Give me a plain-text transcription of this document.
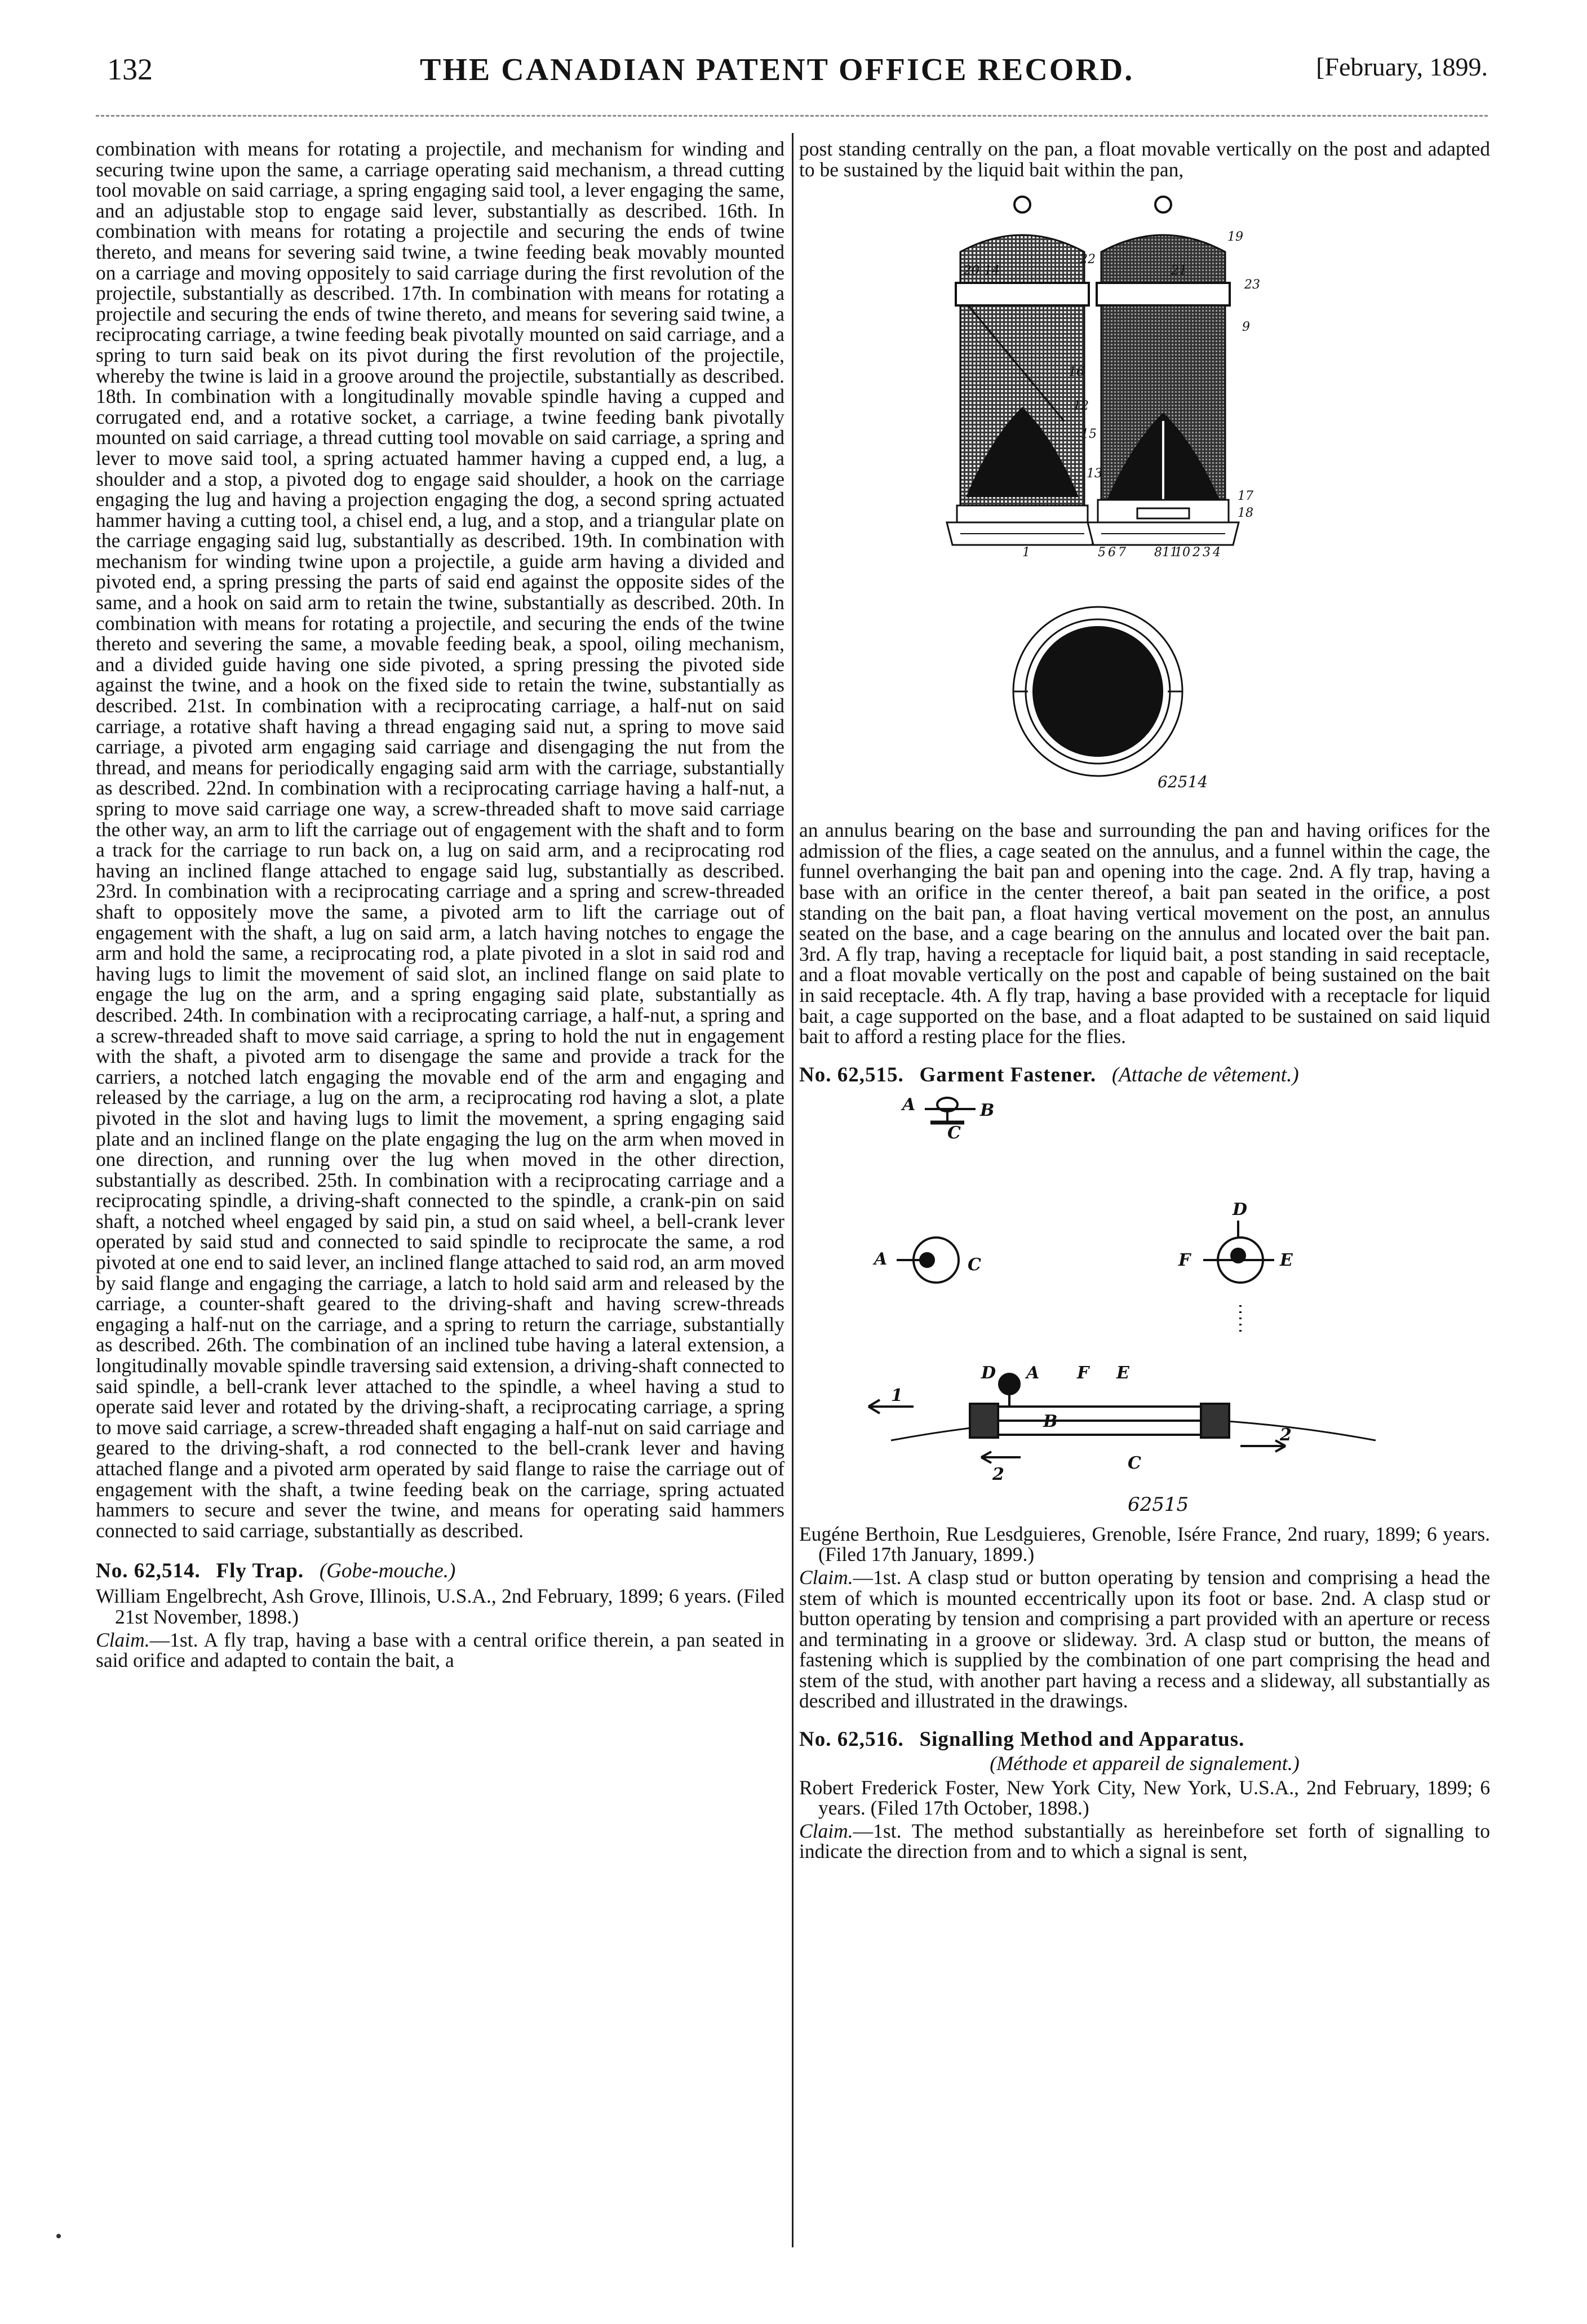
132	THE CANADIAN PATENT OFFICE RECORD.	[February, 1899.

combination with means for rotating a projectile, and mechanism for winding and securing twine upon the same, a carriage operating said mechanism, a thread cutting tool movable on said carriage, a spring engaging said tool, a lever engaging the same, and an adjustable stop to engage said lever, substantially as described. 16th. In combination with means for rotating a projectile and securing the ends of twine thereto, and means for severing said twine, a twine feeding beak movably mounted on a carriage and moving oppositely to said carriage during the first revolution of the projectile, substantially as described. 17th. In combination with means for rotating a projectile and securing the ends of twine thereto, and means for severing said twine, a reciprocating carriage, a twine feeding beak pivotally mounted on said carriage, and a spring to turn said beak on its pivot during the first revolution of the projectile, whereby the twine is laid in a groove around the projectile, substantially as described. 18th. In combination with a longitudinally movable spindle having a cupped and corrugated end, and a rotative socket, a carriage, a twine feeding bank pivotally mounted on said carriage, a thread cutting tool movable on said carriage, a spring and lever to move said tool, a spring actuated hammer having a cupped end, a lug, a shoulder and a stop, a pivoted dog to engage said shoulder, a hook on the carriage engaging the lug and having a projection engaging the dog, a second spring actuated hammer having a cutting tool, a chisel end, a lug, and a stop, and a triangular plate on the carriage engaging said lug, substantially as described. 19th. In combination with mechanism for winding twine upon a projectile, a guide arm having a divided and pivoted end, a spring pressing the parts of said end against the opposite sides of the same, and a hook on said arm to retain the twine, substantially as described. 20th. In combination with means for rotating a projectile, and securing the ends of the twine thereto and severing the same, a movable feeding beak, a spool, oiling mechanism, and a divided guide having one side pivoted, a spring pressing the pivoted side against the twine, and a hook on the fixed side to retain the twine, substantially as described. 21st. In combination with a reciprocating carriage, a half-nut on said carriage, a rotative shaft having a thread engaging said nut, a spring to move said carriage, a pivoted arm engaging said carriage and disengaging the nut from the thread, and means for periodically engaging said arm with the carriage, substantially as described. 22nd. In combination with a reciprocating carriage having a half-nut, a spring to move said carriage one way, a screw-threaded shaft to move said carriage the other way, an arm to lift the carriage out of engagement with the shaft and to form a track for the carriage to run back on, a lug on said arm, and a reciprocating rod having an inclined flange attached to engage said lug, substantially as described. 23rd. In combination with a reciprocating carriage and a spring and screw-threaded shaft to oppositely move the same, a pivoted arm to lift the carriage out of engagement with the shaft, a lug on said arm, a latch having notches to engage the arm and hold the same, a reciprocating rod, a plate pivoted in a slot in said rod and having lugs to limit the movement of said slot, an inclined flange on said plate to engage the lug on the arm, and a spring engaging said plate, substantially as described. 24th. In combination with a reciprocating carriage, a half-nut, a spring and a screw-threaded shaft to move said carriage, a spring to hold the nut in engagement with the shaft, a pivoted arm to disengage the same and provide a track for the carriers, a notched latch engaging the movable end of the arm and engaging and released by the carriage, a lug on the arm, a reciprocating rod having a slot, a plate pivoted in the slot and having lugs to limit the movement, a spring engaging said plate and an inclined flange on the plate engaging the lug on the arm when moved in one direction, and running over the lug when moved in the other direction, substantially as described. 25th. In combination with a reciprocating carriage and a reciprocating spindle, a driving-shaft connected to the spindle, a crank-pin on said shaft, a notched wheel engaged by said pin, a stud on said wheel, a bell-crank lever operated by said stud and connected to said spindle to reciprocate the same, a rod pivoted at one end to said lever, an inclined flange attached to said rod, an arm moved by said flange and engaging the carriage, a latch to hold said arm and released by the carriage, a counter-shaft geared to the driving-shaft and having screw-threads engaging a half-nut on the carriage, and a spring to return the carriage, substantially as described. 26th. The combination of an inclined tube having a lateral extension, a longitudinally movable spindle traversing said extension, a driving-shaft connected to said spindle, a bell-crank lever attached to the spindle, a wheel having a stud to operate said lever and rotated by the driving-shaft, a reciprocating carriage, a spring to move said carriage, a screw-threaded shaft engaging a half-nut on said carriage and geared to the driving-shaft, a rod connected to the bell-crank lever and having attached flange and a pivoted arm operated by said flange to raise the carriage out of engagement with the shaft, a twine feeding beak on the carriage, spring actuated hammers to secure and sever the twine, and means for operating said hammers connected to said carriage, substantially as described.

No. 62,514. Fly Trap. (Gobe-mouche.)

William Engelbrecht, Ash Grove, Illinois, U.S.A., 2nd February, 1899; 6 years. (Filed 21st November, 1898.)

Claim.—1st. A fly trap, having a base with a central orifice therein, a pan seated in said orifice and adapted to contain the bait, a

post standing centrally on the pan, a float movable vertically on the post and adapted to be sustained by the liquid bait within the pan,

19
14
22
21
23
16
12
15
13
17
18
9
8
7
6
5	4
3
2
10
11
20
1
62514

an annulus bearing on the base and surrounding the pan and having orifices for the admission of the flies, a cage seated on the annulus, and a funnel within the cage, the funnel overhanging the bait pan and opening into the cage. 2nd. A fly trap, having a base with an orifice in the center thereof, a bait pan seated in the orifice, a post standing on the bait pan, a float having vertical movement on the post, an annulus seated on the base, and a cage bearing on the annulus and located over the bait pan. 3rd. A fly trap, having a receptacle for liquid bait, a post standing in said receptacle, and a float movable vertically on the post and capable of being sustained on the bait in said receptacle. 4th. A fly trap, having a base provided with a receptacle for liquid bait, a cage supported on the base, and a float adapted to be sustained on said liquid bait to afford a resting place for the flies.

No. 62,515. Garment Fastener. (Attache de vêtement.)
A	B
C
A	C
D
F	E
D A F E
B
C
1
2
2
62515

Eugéne Berthoin, Rue Lesdguieres, Grenoble, Isére France, 2nd ruary, 1899; 6 years. (Filed 17th January, 1899.)

Claim.—1st. A clasp stud or button operating by tension and comprising a head the stem of which is mounted eccentrically upon its foot or base. 2nd. A clasp stud or button operating by tension and comprising a part provided with an aperture or recess and terminating in a groove or slideway. 3rd. A clasp stud or button, the means of fastening which is supplied by the combination of one part comprising the head and stem of the stud, with another part having a recess and a slideway, all substantially as described and illustrated in the drawings.

No. 62,516. Signalling Method and Apparatus.
(Méthode et appareil de signalement.)

Robert Frederick Foster, New York City, New York, U.S.A., 2nd February, 1899; 6 years. (Filed 17th October, 1898.)

Claim.—1st. The method substantially as hereinbefore set forth of signalling to indicate the direction from and to which a signal is sent,
